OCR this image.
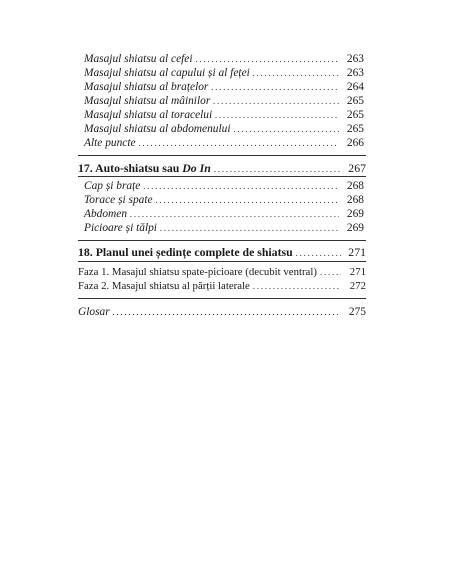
Masajul shiatsu al cefei . . .	263
Masajul shiatsu al capului și al feței . . .	263
Masajul shiatsu al brațelor . . .	264
Masajul shiatsu al mâinilor . . .	265
Masajul shiatsu al toracelui . . .	265
Masajul shiatsu al abdomenului . . .	265
Alte puncte . . .	266
17. Auto-shiatsu sau Do In . . .	267
Cap și brațe . . .	268
Torace și spate . . .	268
Abdomen . . .	269
Picioare și tălpi . . .	269
18. Planul unei ședințe complete de shiatsu . . .	271
Faza 1. Masajul shiatsu spate-picioare (decubit ventral) . . .	271
Faza 2. Masajul shiatsu al părții laterale . . .	272
Glosar . . .	275
